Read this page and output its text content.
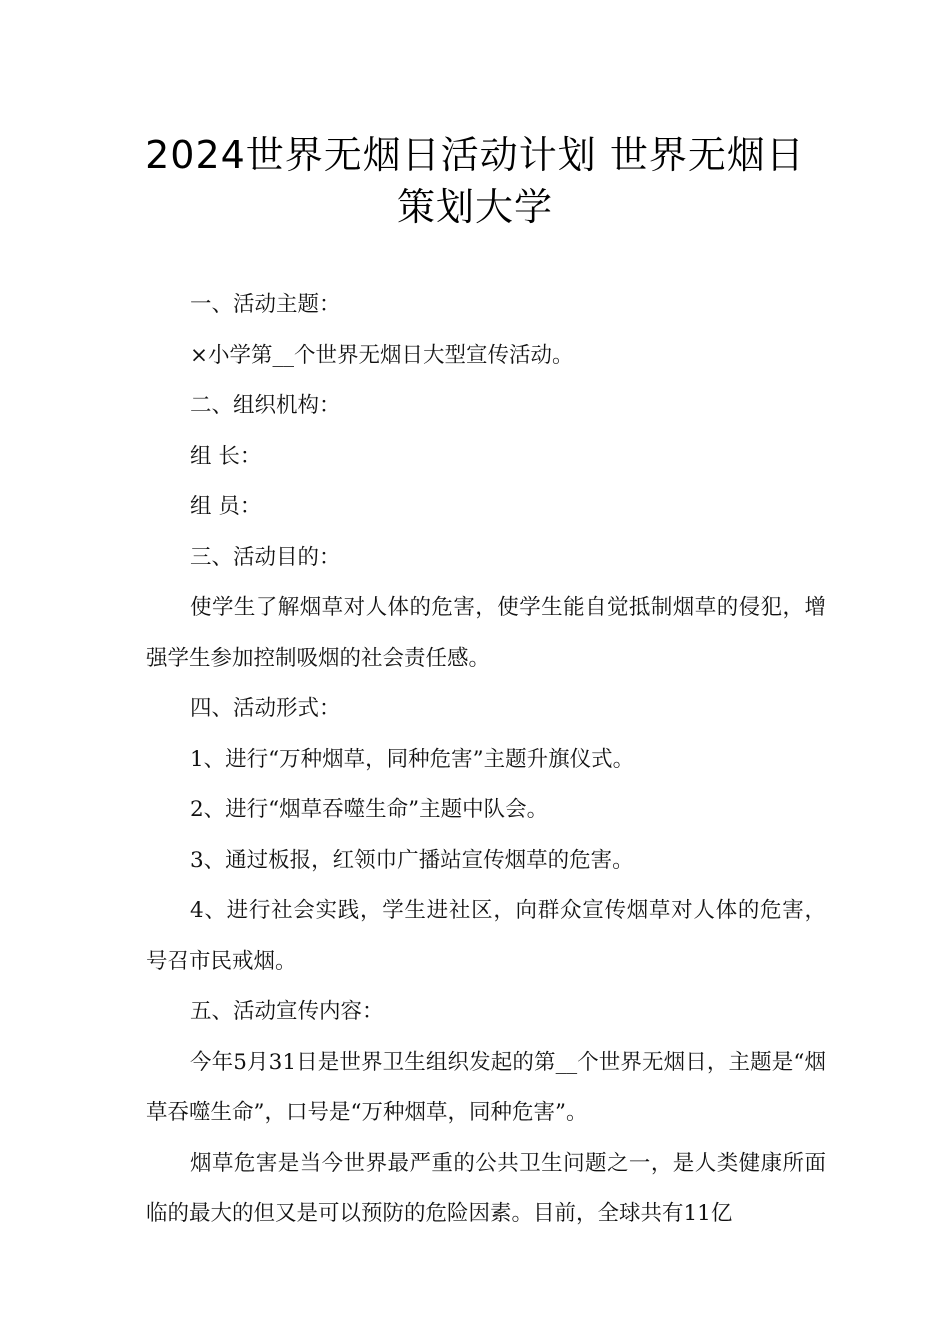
2024世界无烟日活动计划 世界无烟日
策划大学

一、活动主题：

×小学第__个世界无烟日大型宣传活动。

二、组织机构：

组 长：

组 员：

三、活动目的：

使学生了解烟草对人体的危害，使学生能自觉抵制烟草的侵犯，增强学生参加控制吸烟的社会责任感。

四、活动形式：

1、进行“万种烟草，同种危害”主题升旗仪式。

2、进行“烟草吞噬生命”主题中队会。

3、通过板报，红领巾广播站宣传烟草的危害。

4、进行社会实践，学生进社区，向群众宣传烟草对人体的危害，号召市民戒烟。

五、活动宣传内容：

今年5月31日是世界卫生组织发起的第__个世界无烟日，主题是“烟草吞噬生命”，口号是“万种烟草，同种危害”。

烟草危害是当今世界最严重的公共卫生问题之一，是人类健康所面临的最大的但又是可以预防的危险因素。目前，全球共有11亿
